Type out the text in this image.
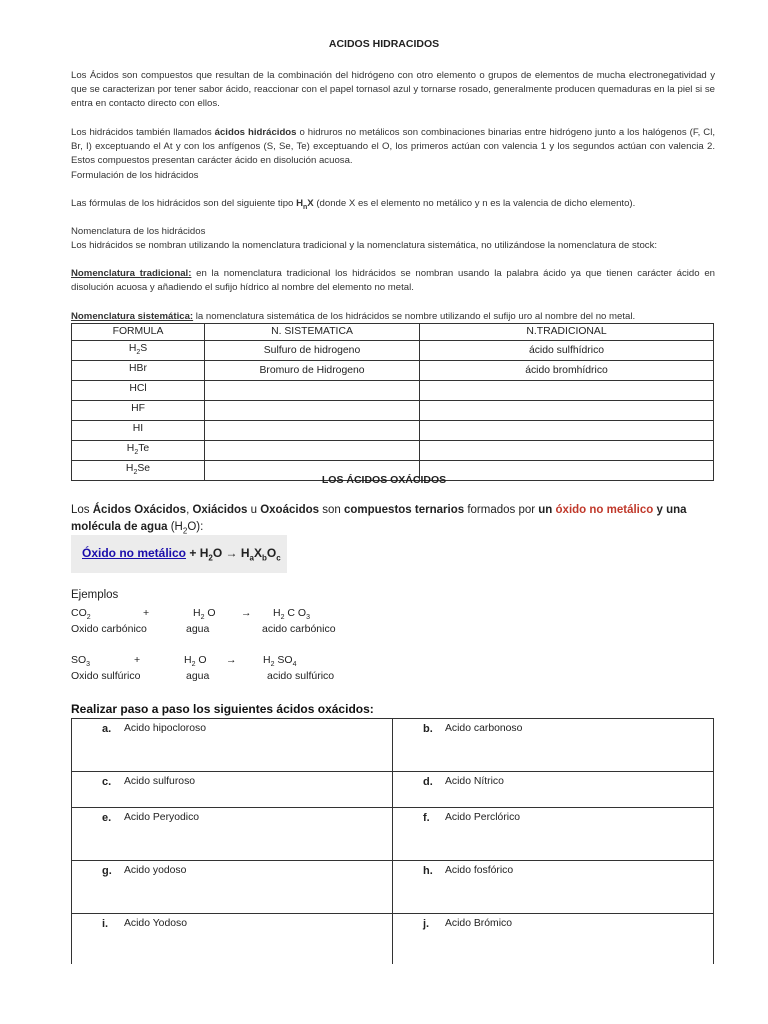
ACIDOS HIDRACIDOS
Los Ácidos son compuestos que resultan de la combinación del hidrógeno con otro elemento o grupos de elementos de mucha electronegatividad y que se caracterizan por tener sabor ácido, reaccionar con el papel tornasol azul y tornarse rosado, generalmente producen quemaduras en la piel si se entra en contacto directo con ellos.
Los hidrácidos también llamados ácidos hidrácidos o hidruros no metálicos son combinaciones binarias entre hidrógeno junto a los halógenos (F, Cl, Br, I) exceptuando el At y con los anfígenos (S, Se, Te) exceptuando el O, los primeros actúan con valencia 1 y los segundos actúan con valencia 2. Estos compuestos presentan carácter ácido en disolución acuosa.
Formulación de los hidrácidos
Las fórmulas de los hidrácidos son del siguiente tipo $H_nX$ (donde X es el elemento no metálico y n es la valencia de dicho elemento).
Nomenclatura de los hidrácidos
Los hidrácidos se nombran utilizando la nomenclatura tradicional y la nomenclatura sistemática, no utilizándose la nomenclatura de stock:
Nomenclatura tradicional: en la nomenclatura tradicional los hidrácidos se nombran usando la palabra ácido ya que tienen carácter ácido en disolución acuosa y añadiendo el sufijo hídrico al nombre del elemento no metal.
Nomenclatura sistemática: la nomenclatura sistemática de los hidrácidos se nombre utilizando el sufijo uro al nombre del no metal.
FORMULA	N. SISTEMATICA	N.TRADICIONAL
$H_2S$	Sulfuro de hidrogeno	ácido sulfhídrico
HBr	Bromuro de Hidrogeno	ácido bromhídrico
HCl		
HF		
HI		
$H_2Te$		
$H_2Se$		
LOS ÁCIDOS OXÁCIDOS
Los Ácidos Oxácidos, Oxiácidos u Oxoácidos son compuestos ternarios formados por un óxido no metálico y una molécula de agua $(H_2O)$:
Óxido no metálico + $H_2O \to H_aX_bO_c$
Ejemplos
$CO_2$	+	$H_2$ $O \to H_2$ C $O_3$
Oxido carbónico	agua	acido carbónico
$SO_3$	+	$H_2$ O →	$H_2$ $SO_4$
Oxido sulfúrico	agua	acido sulfúrico
Realizar paso a paso los siguientes ácidos oxácidos:
a. Acido hipocloroso	b. Acido carbonoso

c. Acido sulfuroso	d. Acido Nítrico

e. Acido Peryodico	f. Acido Perclórico

g. Acido yodoso	h. Acido fosfórico

i. Acido Yodoso	j. Acido Brómico
